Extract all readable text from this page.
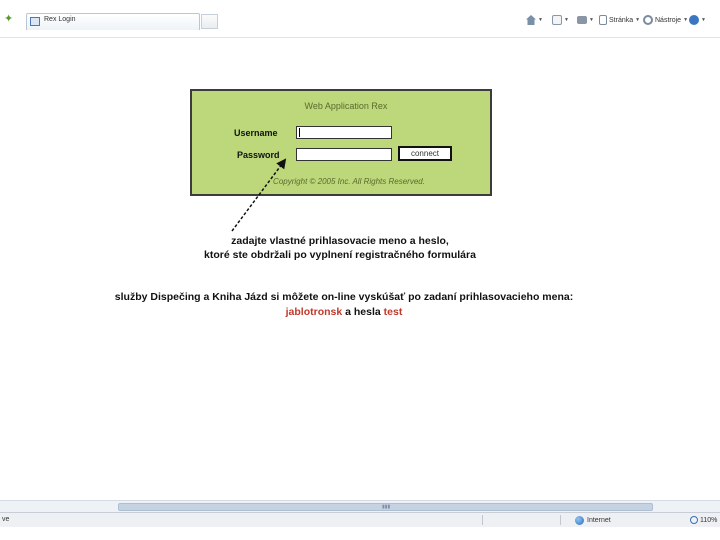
✦	Rex Login	▼	▼	▼ Stránka ▼ Nástroje ▼	▼
Web Application Rex
Username
Password	connect
Copyright © 2005 Inc. All Rights Reserved.
zadajte vlastné prihlasovacie meno a heslo,
ktoré ste obdržali po vyplnení registračného formulára
služby Dispečing a Kniha Jázd si môžete on-line vyskúšať po zadaní prihlasovacieho mena:
jablotronsk a hesla test
▮▮▮
ve	Internet	110%
